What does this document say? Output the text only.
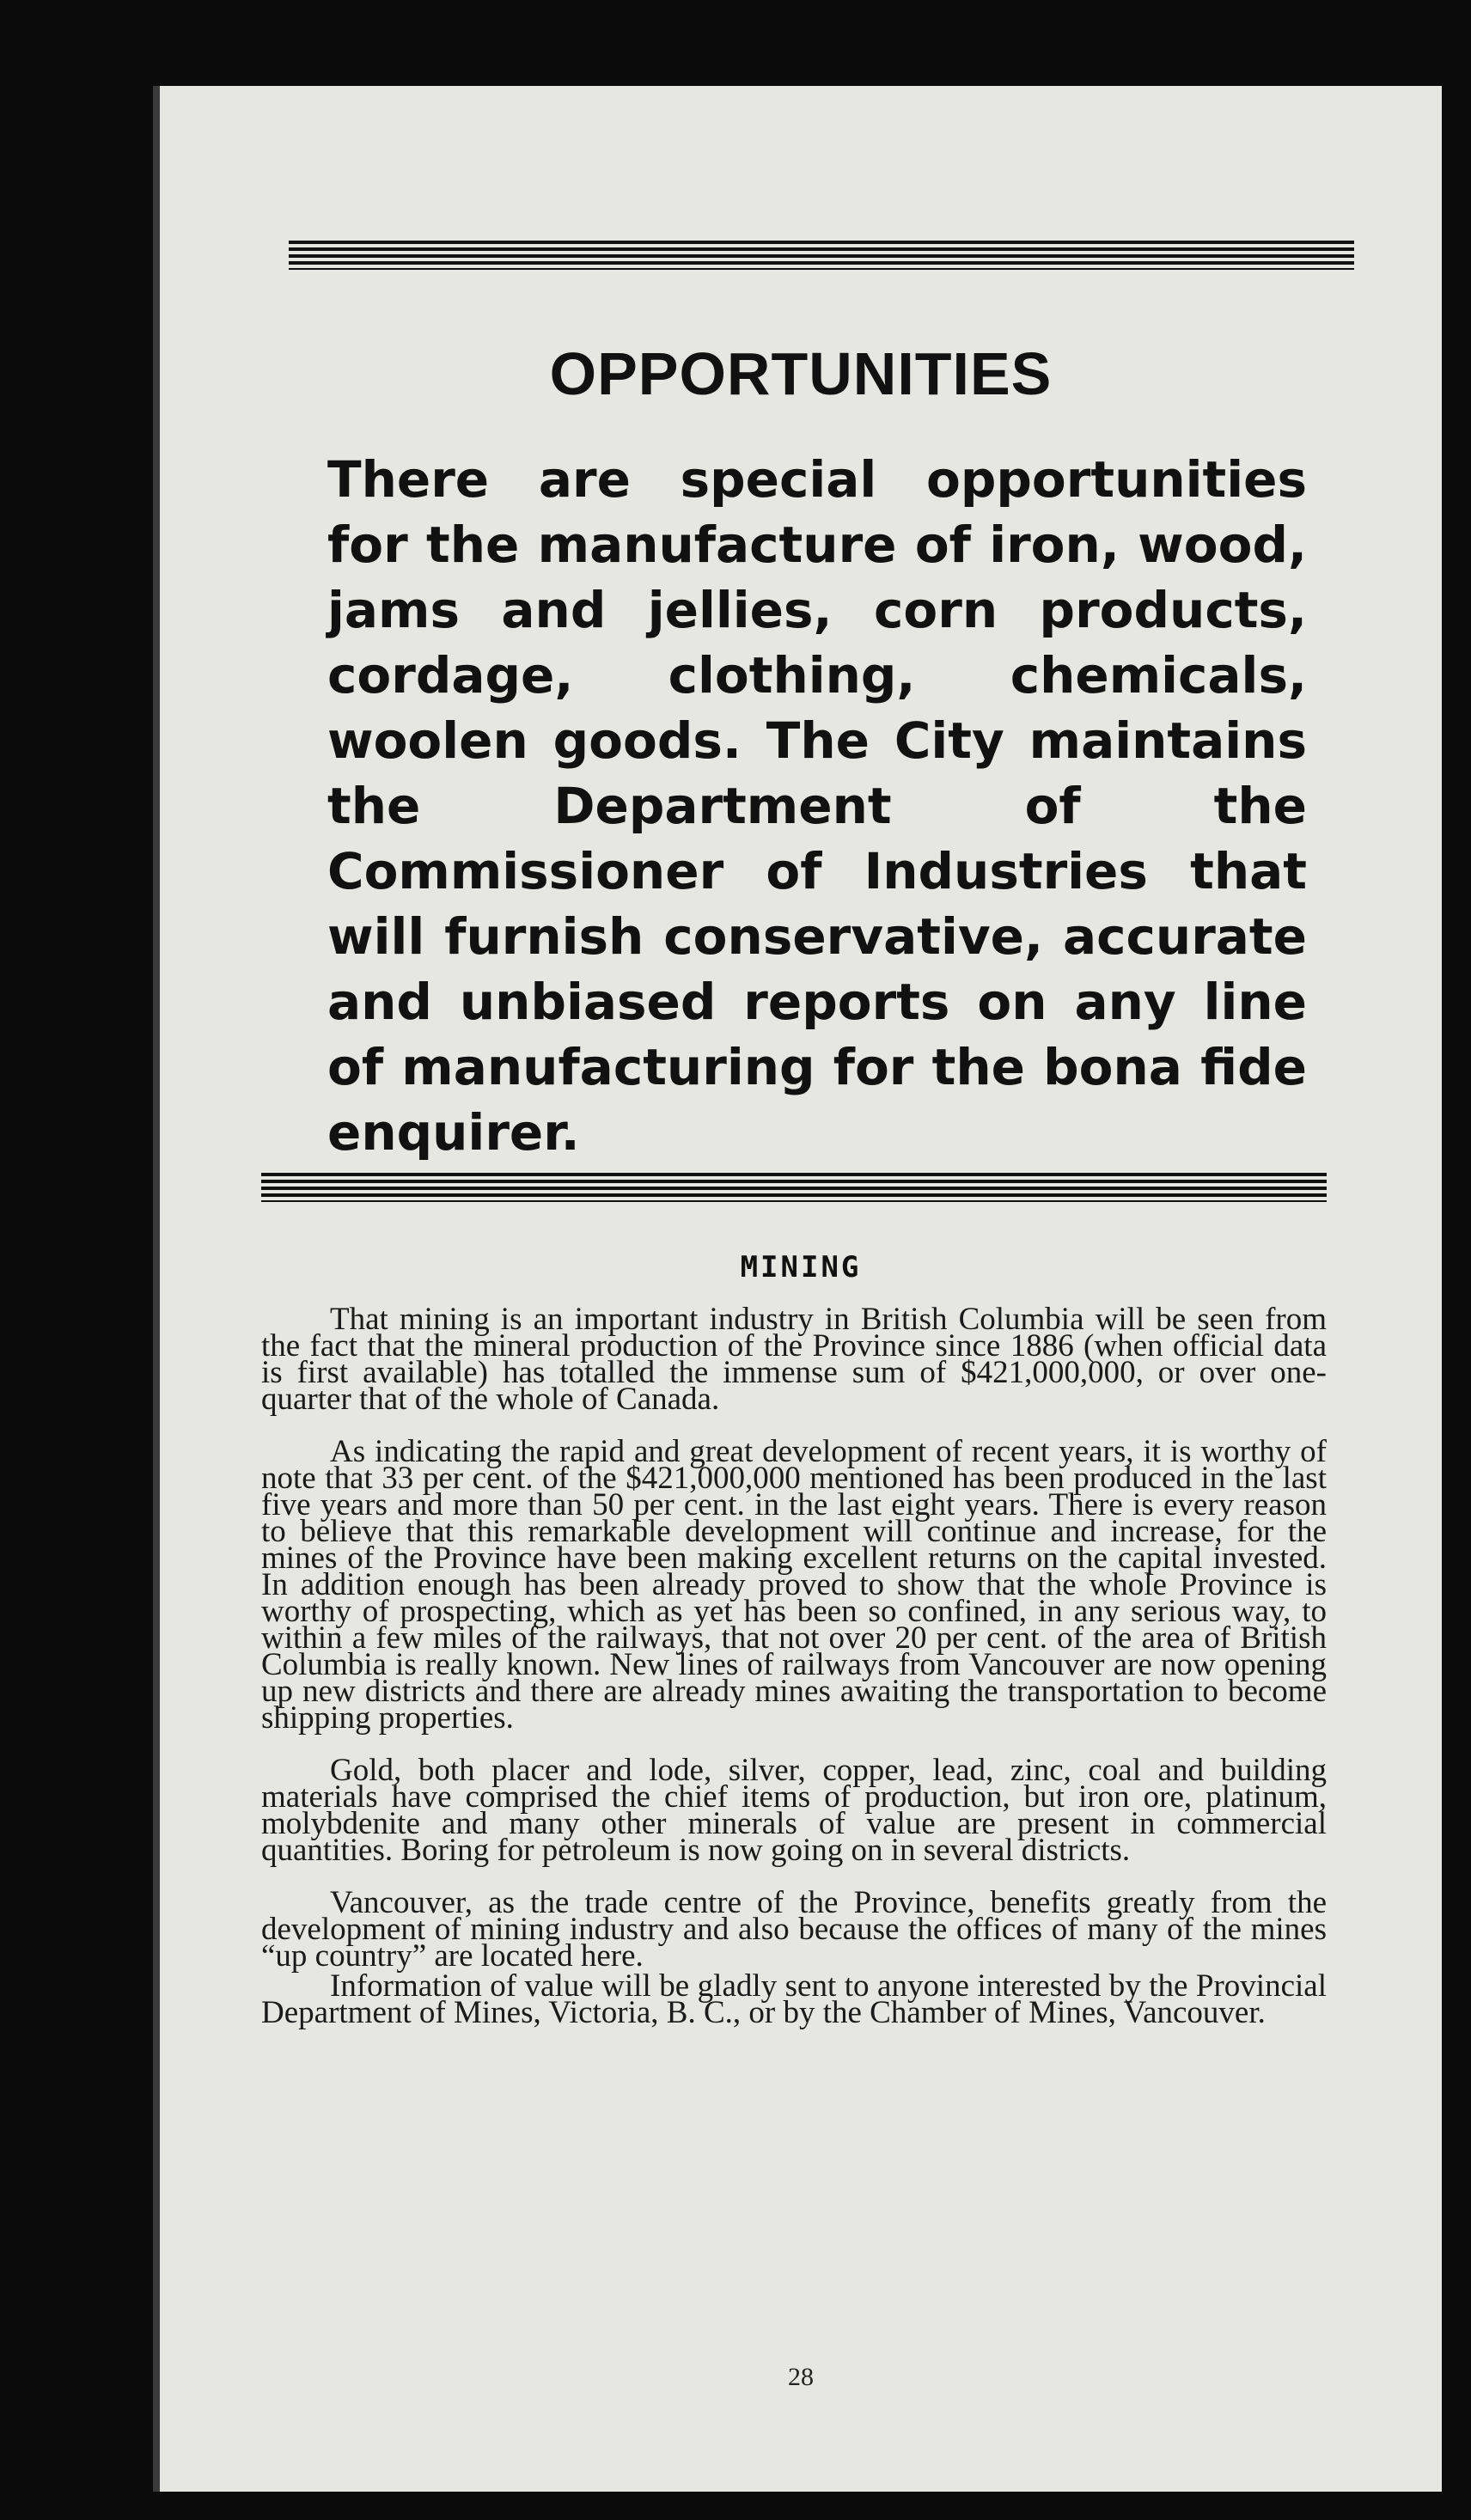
OPPORTUNITIES
There are special opportunities for the manufacture of iron, wood, jams and jellies, corn products, cordage, clothing, chemicals, woolen goods. The City maintains the Department of the Commissioner of Industries that will furnish conservative, accurate and unbiased reports on any line of manufacturing for the bona fide enquirer.
MINING

That mining is an important industry in British Columbia will be seen from the fact that the mineral production of the Province since 1886 (when official data is first available) has totalled the immense sum of $421,000,000, or over one-quarter that of the whole of Canada.

As indicating the rapid and great development of recent years, it is worthy of note that 33 per cent. of the $421,000,000 mentioned has been produced in the last five years and more than 50 per cent. in the last eight years. There is every reason to believe that this remarkable development will continue and increase, for the mines of the Province have been making excellent returns on the capital invested. In addition enough has been already proved to show that the whole Province is worthy of prospecting, which as yet has been so confined, in any serious way, to within a few miles of the railways, that not over 20 per cent. of the area of British Columbia is really known. New lines of railways from Vancouver are now opening up new districts and there are already mines awaiting the transportation to become shipping properties.

Gold, both placer and lode, silver, copper, lead, zinc, coal and building materials have comprised the chief items of production, but iron ore, platinum, molybdenite and many other minerals of value are present in commercial quantities. Boring for petroleum is now going on in several districts.

Vancouver, as the trade centre of the Province, benefits greatly from the development of mining industry and also because the offices of many of the mines “up country” are located here.

Information of value will be gladly sent to anyone interested by the Provincial Department of Mines, Victoria, B. C., or by the Chamber of Mines, Vancouver.

28
